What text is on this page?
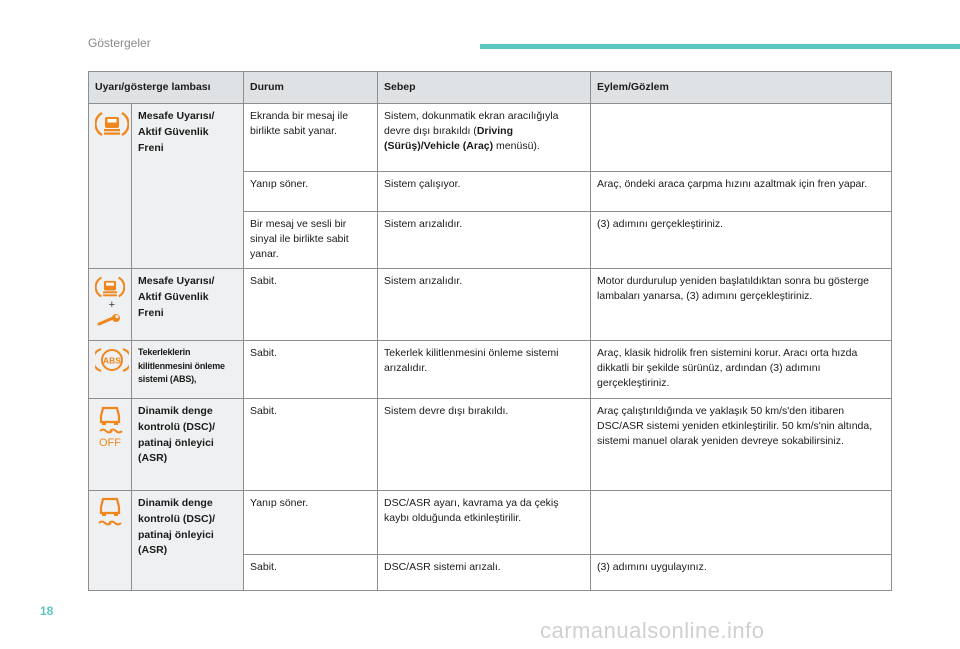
Göstergeler
Uyarı/gösterge lambası		Durum	Sebep	Eylem/Gözlem

	Mesafe Uyarısı/ Aktif Güvenlik Freni	Ekranda bir mesaj ile birlikte sabit yanar.	Sistem, dokunmatik ekran aracılığıyla devre dışı bırakıldı (Driving (Sürüş)/Vehicle (Araç) menüsü).	
		Yanıp söner.	Sistem çalışıyor.	Araç, öndeki araca çarpma hızını azaltmak için fren yapar.
		Bir mesaj ve sesli bir sinyal ile birlikte sabit yanar.	Sistem arızalıdır.	(3) adımını gerçekleştiriniz.

+	Mesafe Uyarısı/ Aktif Güvenlik Freni	Sabit.	Sistem arızalıdır.	Motor durdurulup yeniden başlatıldıktan sonra bu gösterge lambaları yanarsa, (3) adımını gerçekleştiriniz.

ABS	Tekerleklerin kilitlenmesini önleme sistemi (ABS),	Sabit.	Tekerlek kilitlenmesini önleme sistemi arızalıdır.	Araç, klasik hidrolik fren sistemini korur. Aracı orta hızda dikkatli bir şekilde sürünüz, ardından (3) adımını gerçekleştiriniz.

OFF	Dinamik denge kontrolü (DSC)/ patinaj önleyici (ASR)	Sabit.	Sistem devre dışı bırakıldı.	Araç çalıştırıldığında ve yaklaşık 50 km/s'den itibaren DSC/ASR sistemi yeniden etkinleştirilir. 50 km/s'nin altında, sistemi manuel olarak yeniden devreye sokabilirsiniz.

	Dinamik denge kontrolü (DSC)/ patinaj önleyici (ASR)	Yanıp söner.	DSC/ASR ayarı, kavrama ya da çekiş kaybı olduğunda etkinleştirilir.	
		Sabit.	DSC/ASR sistemi arızalı.	(3) adımını uygulayınız.
18
carmanualsonline.info
